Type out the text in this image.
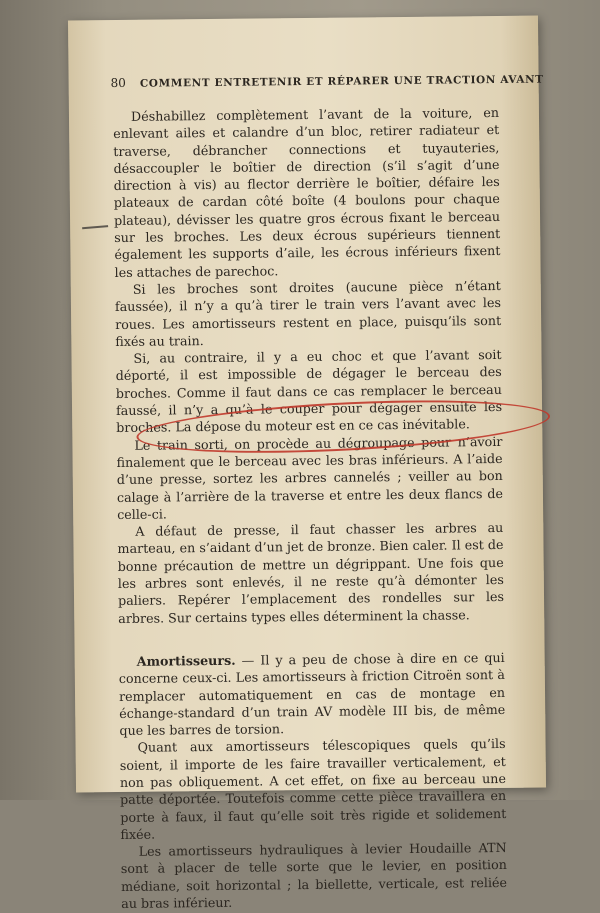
80 COMMENT ENTRETENIR ET RÉPARER UNE TRACTION AVANT

Déshabillez complètement l’avant de la voiture, en enlevant ailes et calandre d’un bloc, retirer radiateur et traverse, débrancher connections et tuyauteries, désaccoupler le boîtier de direction (s’il s’agit d’une direction à vis) au flector derrière le boîtier, défaire les plateaux de cardan côté boîte (4 boulons pour chaque plateau), dévisser les quatre gros écrous fixant le berceau sur les broches. Les deux écrous supérieurs tiennent également les supports d’aile, les écrous inférieurs fixent les attaches de parechoc.

Si les broches sont droites (aucune pièce n’étant faussée), il n’y a qu’à tirer le train vers l’avant avec les roues. Les amortisseurs restent en place, puisqu’ils sont fixés au train.

Si, au contraire, il y a eu choc et que l’avant soit déporté, il est impossible de dégager le berceau des broches. Comme il faut dans ce cas remplacer le berceau faussé, il n’y a qu’à le couper pour dégager ensuite les broches. La dépose du moteur est en ce cas inévitable.

Le train sorti, on procède au dégroupage pour n’avoir finalement que le berceau avec les bras inférieurs. A l’aide d’une presse, sortez les arbres cannelés ; veiller au bon calage à l’arrière de la traverse et entre les deux flancs de celle-ci.

A défaut de presse, il faut chasser les arbres au marteau, en s’aidant d’un jet de bronze. Bien caler. Il est de bonne précaution de mettre un dégrippant. Une fois que les arbres sont enlevés, il ne reste qu’à démonter les paliers. Repérer l’emplacement des rondelles sur les arbres. Sur certains types elles déterminent la chasse.

Amortisseurs. — Il y a peu de chose à dire en ce qui concerne ceux-ci. Les amortisseurs à friction Citroën sont à remplacer automatiquement en cas de montage en échange-standard d’un train AV modèle III bis, de même que les barres de torsion.

Quant aux amortisseurs télescopiques quels qu’ils soient, il importe de les faire travailler verticalement, et non pas obliquement. A cet effet, on fixe au berceau une patte déportée. Toutefois comme cette pièce travaillera en porte à faux, il faut qu’elle soit très rigide et solidement fixée.

Les amortisseurs hydrauliques à levier Houdaille ATN sont à placer de telle sorte que le levier, en position médiane, soit horizontal ; la biellette, verticale, est reliée au bras inférieur.
